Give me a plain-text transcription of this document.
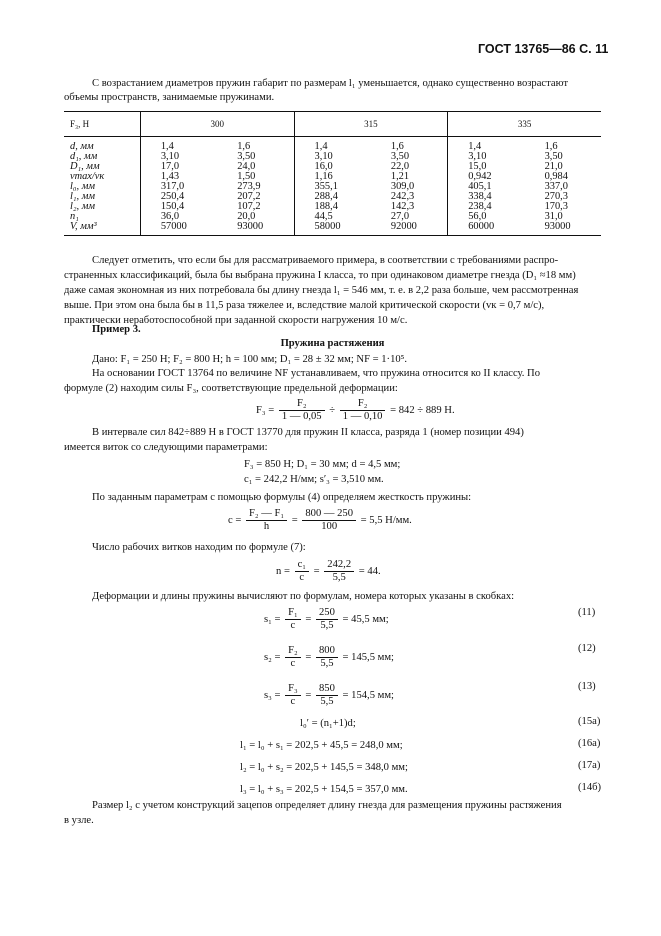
ГОСТ 13765—86 С. 11
С возрастанием диаметров пружин габарит по размерам l₁ уменьшается, однако существенно возрастают
объемы пространств, занимаемые пружинами.
F₃, Н	300		315		335	
d, мм	1,4	1,6	1,4	1,6	1,4	1,6
d₁, мм	3,10	3,50	3,10	3,50	3,10	3,50
D₁, мм	17,0	24,0	16,0	22,0	15,0	21,0
vmax/vк	1,43	1,50	1,16	1,21	0,942	0,984
l₀, мм	317,0	273,9	355,1	309,0	405,1	337,0
l₁, мм	250,4	207,2	288,4	242,3	338,4	270,3
l₂, мм	150,4	107,2	188,4	142,3	238,4	170,3
n₁	36,0	20,0	44,5	27,0	56,0	31,0
V, мм³	57000	93000	58000	92000	60000	93000
Следует отметить, что если бы для рассматриваемого примера, в соответствии с требованиями распро-
страненных классификаций, была бы выбрана пружина I класса, то при одинаковом диаметре гнезда (D₁ ≈18 мм)
даже самая экономная из них потребовала бы длину гнезда l₁ = 546 мм, т. е. в 2,2 раза больше, чем рассмотренная
выше. При этом она была бы в 11,5 раза тяжелее и, вследствие малой критической скорости (vк = 0,7 м/с),
практически неработоспособной при заданной скорости нагружения 10 м/с.
Пример 3.
Пружина растяжения
Дано: F₁ = 250 Н; F₂ = 800 Н; h = 100 мм; D₁ = 28 ± 32 мм; NF = 1·10⁵.
На основании ГОСТ 13764 по величине NF устанавливаем, что пружина относится ко II классу. По
формуле (2) находим силы F₃, соответствующие предельной деформации:
$F_3 = \frac{\text{F₂}}{1 — 0,05} \div \frac{\text{F₂}}{1 — 0,10} = 842 \div 889$ Н.
В интервале сил 842÷889 Н в ГОСТ 13770 для пружин II класса, разряда 1 (номер позиции 494)
имеется виток со следующими параметрами:
F₃ = 850 Н; D₁ = 30 мм; d = 4,5 мм;
c₁ = 242,2 Н/мм; s′₃ = 3,510 мм.
По заданным параметрам с помощью формулы (4) определяем жесткость пружины:
$c = \frac{\text{F₂ — F₁}}{h} = \frac{800 — 250}{100} = 5,5$ Н/мм.
Число рабочих витков находим по формуле (7):
$n = \frac{\text{c₁}}{c} = \frac{242,2}{5,5} = 44$.
Деформации и длины пружины вычисляют по формулам, номера которых указаны в скобках:
$s_1 = \frac{\text{F₁}}{c} = \frac{250}{5,5} = 45,5$ мм;
(11)
$s_2 = \frac{\text{F₂}}{c} = \frac{800}{5,5} = 145,5$ мм;
(12)
$s_3 = \frac{\text{F₃}}{c} = \frac{850}{5,5} = 154,5$ мм;
(13)
l₀′ = (n₁+1)d;	(15a)
l₁ = l₀ + s₁ = 202,5 + 45,5 = 248,0 мм;	(16a)
l₂ = l₀ + s₂ = 202,5 + 145,5 = 348,0 мм;	(17a)
l₃ = l₀ + s₃ = 202,5 + 154,5 = 357,0 мм.	(14б)
Размер l₂ с учетом конструкций зацепов определяет длину гнезда для размещения пружины растяжения
в узле.
